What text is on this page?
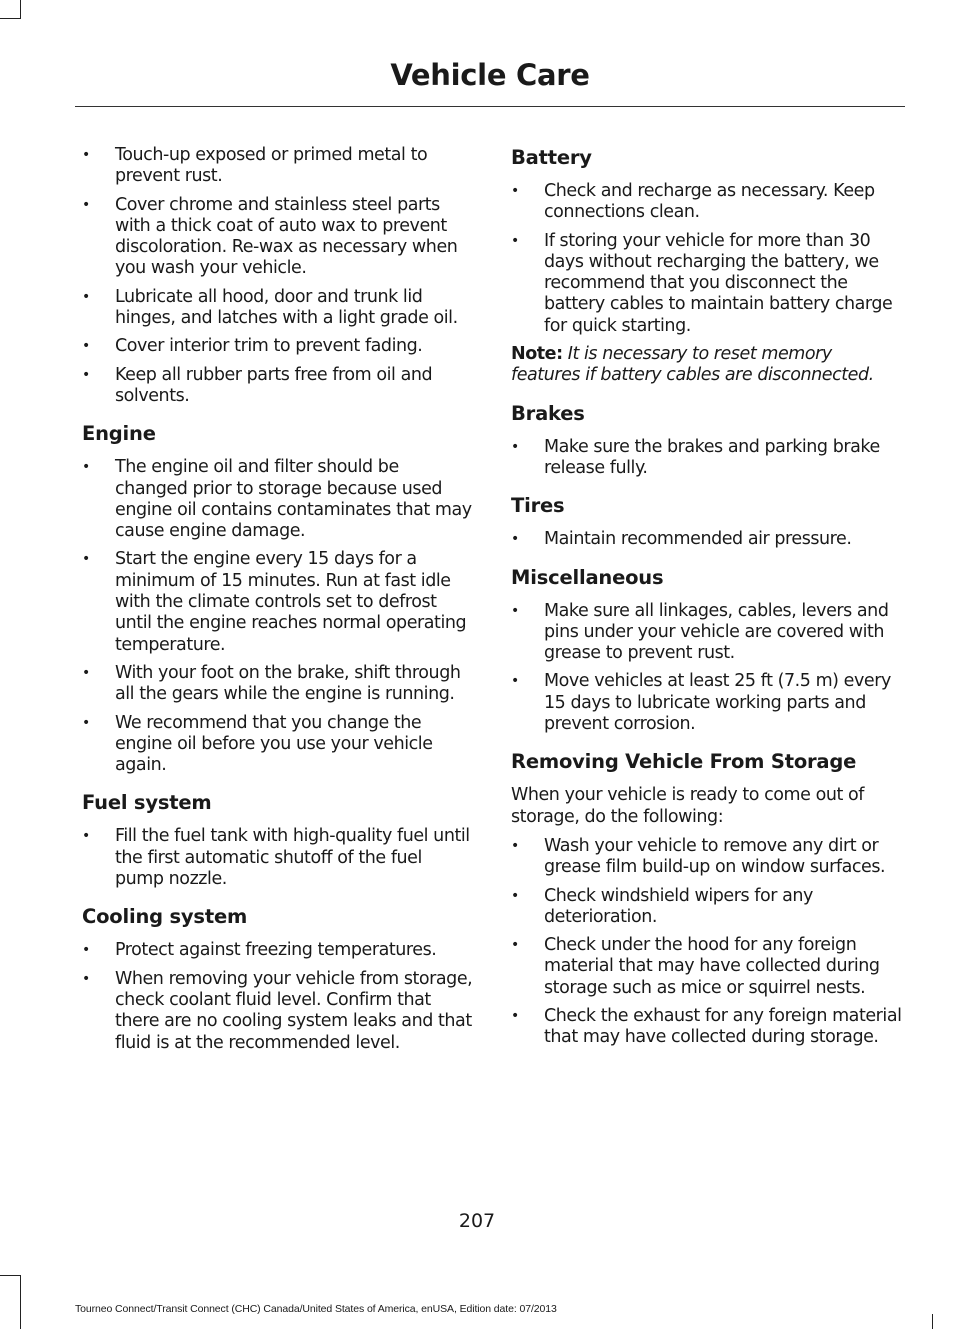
Vehicle Care
• Touch-up exposed or primed metal to prevent rust.
• Cover chrome and stainless steel parts with a thick coat of auto wax to prevent discoloration. Re-wax as necessary when you wash your vehicle.
• Lubricate all hood, door and trunk lid hinges, and latches with a light grade oil.
• Cover interior trim to prevent fading.
• Keep all rubber parts free from oil and solvents.
Engine
• The engine oil and filter should be changed prior to storage because used engine oil contains contaminates that may cause engine damage.
• Start the engine every 15 days for a minimum of 15 minutes. Run at fast idle with the climate controls set to defrost until the engine reaches normal operating temperature.
• With your foot on the brake, shift through all the gears while the engine is running.
• We recommend that you change the engine oil before you use your vehicle again.
Fuel system
• Fill the fuel tank with high-quality fuel until the first automatic shutoff of the fuel pump nozzle.
Cooling system
• Protect against freezing temperatures.
• When removing your vehicle from storage, check coolant fluid level. Confirm that there are no cooling system leaks and that fluid is at the recommended level.
Battery
• Check and recharge as necessary. Keep connections clean.
• If storing your vehicle for more than 30 days without recharging the battery, we recommend that you disconnect the battery cables to maintain battery charge for quick starting.

Note: It is necessary to reset memory features if battery cables are disconnected.

Brakes
• Make sure the brakes and parking brake release fully.
Tires
• Maintain recommended air pressure.
Miscellaneous
• Make sure all linkages, cables, levers and pins under your vehicle are covered with grease to prevent rust.
• Move vehicles at least 25 ft (7.5 m) every 15 days to lubricate working parts and prevent corrosion.
Removing Vehicle From Storage

When your vehicle is ready to come out of storage, do the following:

• Wash your vehicle to remove any dirt or grease film build-up on window surfaces.
• Check windshield wipers for any deterioration.
• Check under the hood for any foreign material that may have collected during storage such as mice or squirrel nests.
• Check the exhaust for any foreign material that may have collected during storage.
207
Tourneo Connect/Transit Connect (CHC) Canada/United States of America, enUSA, Edition date: 07/2013
